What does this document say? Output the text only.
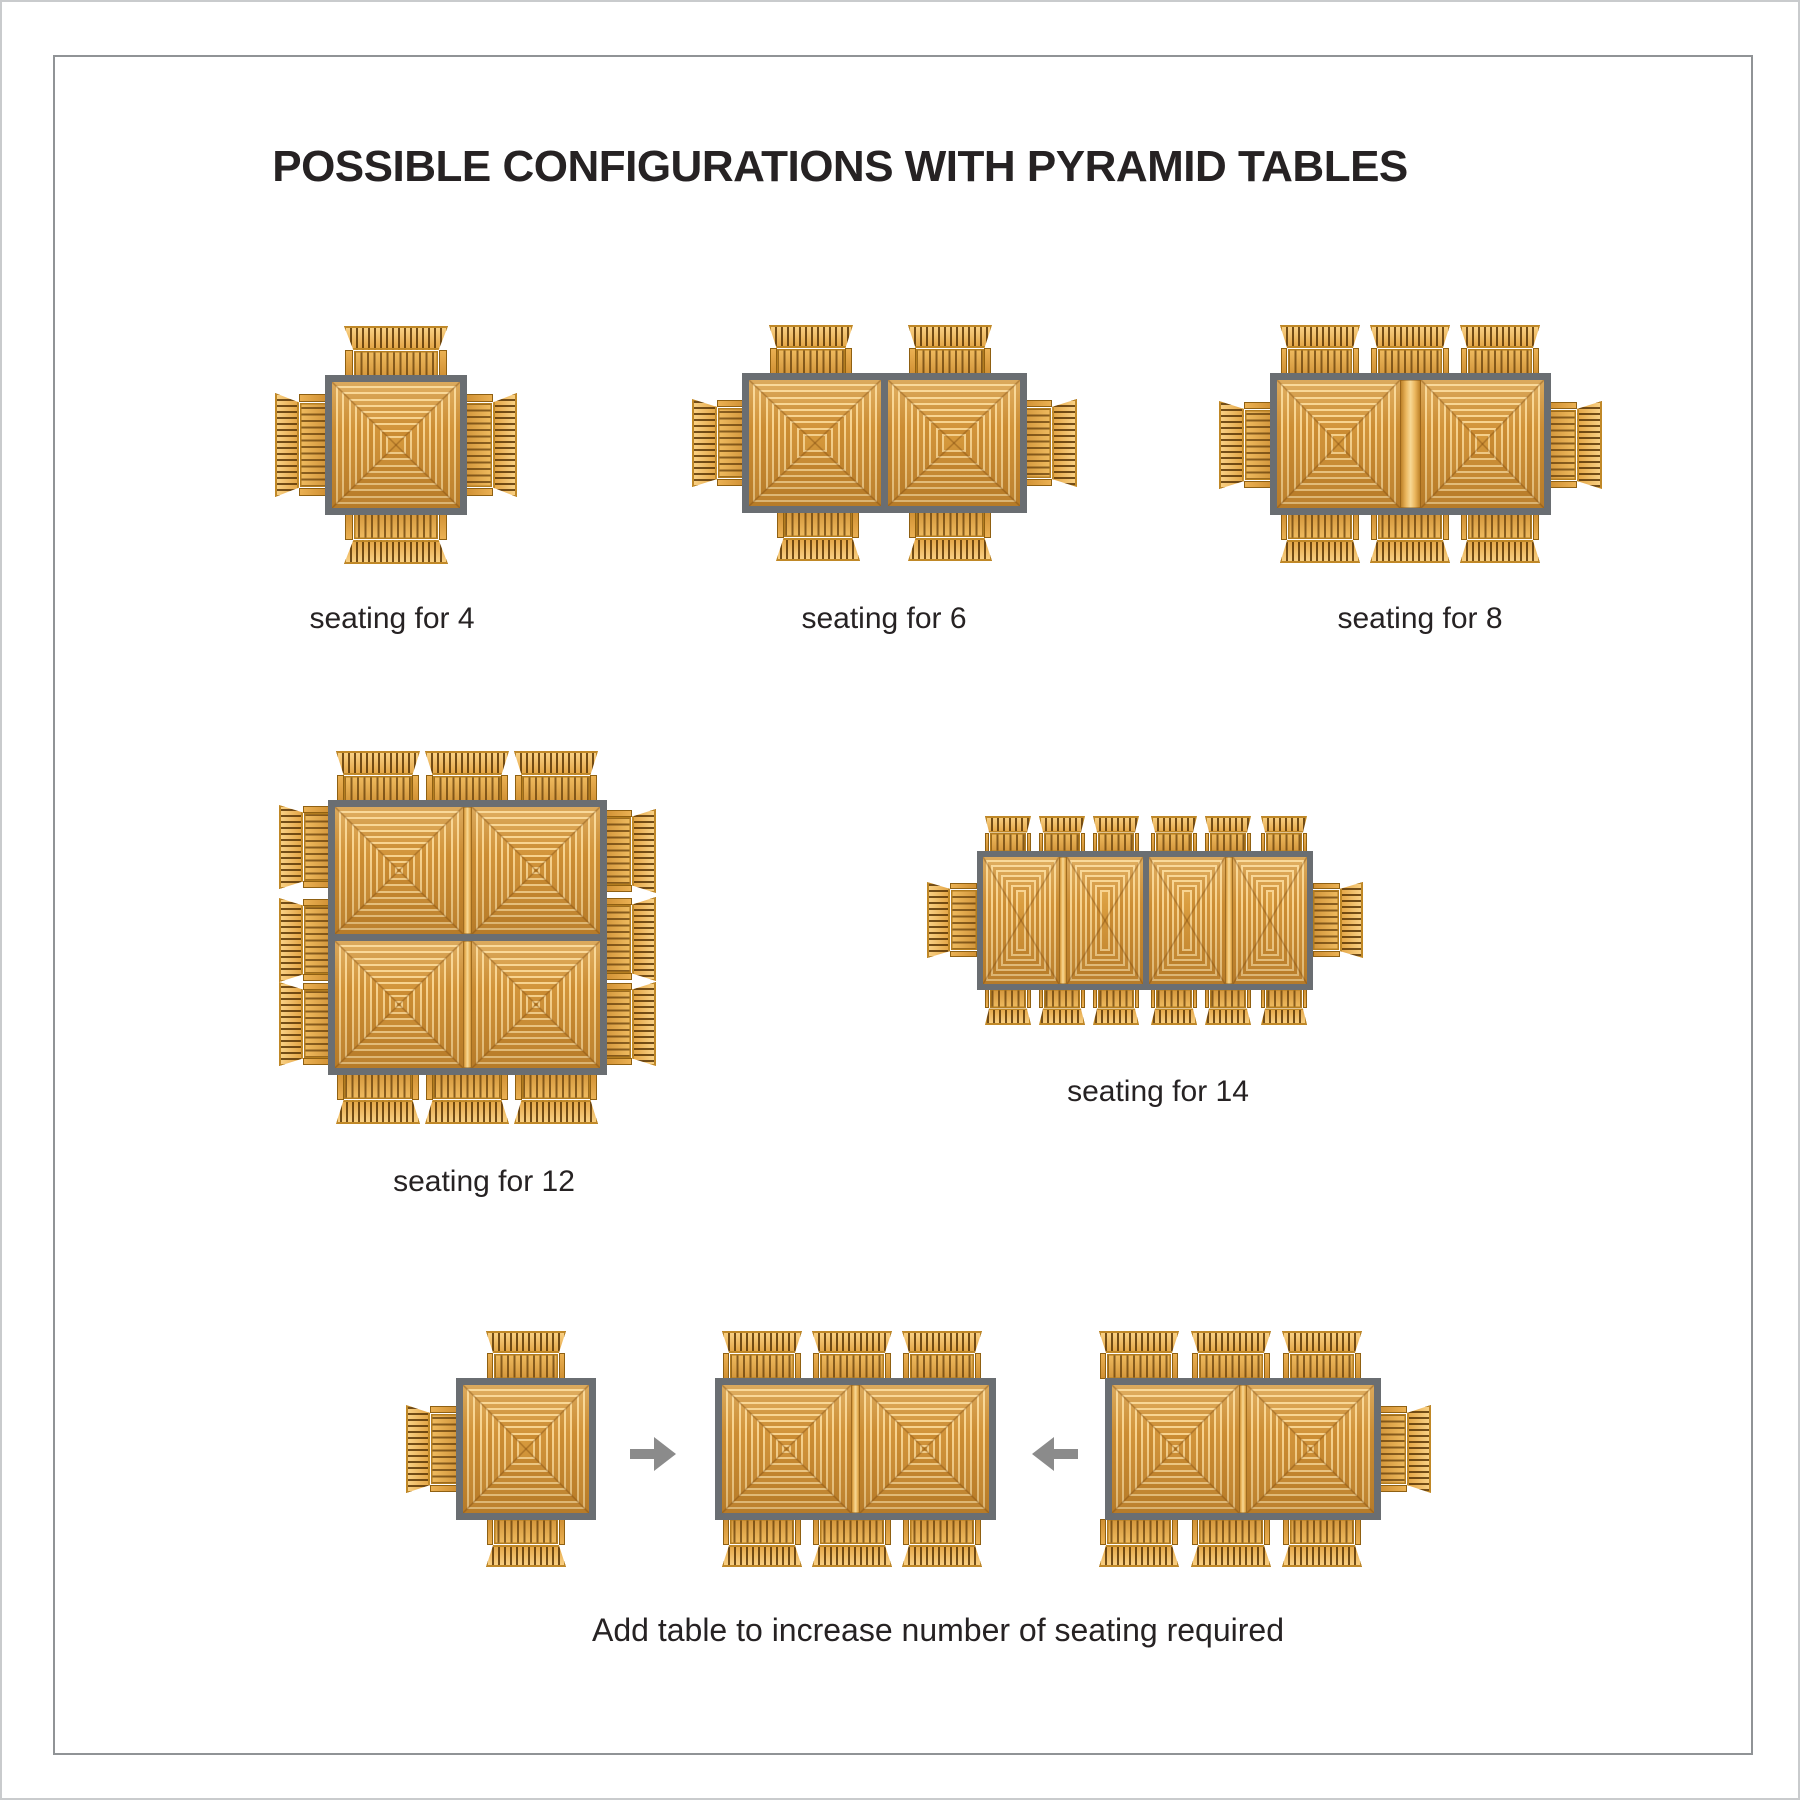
POSSIBLE CONFIGURATIONS WITH PYRAMID TABLES
Add table to increase number of seating required
seating for 4	seating for 6	seating for 8
seating for 12
seating for 14
